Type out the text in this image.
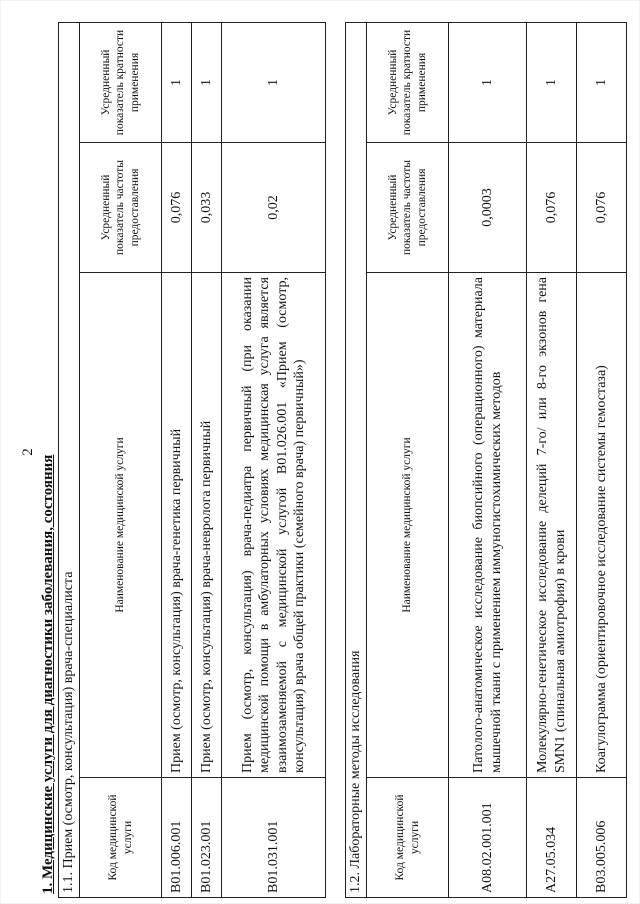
2
1. Медицинские услуги для диагностики заболевания, состояния 1.1. Прием (осмотр, консультация) врача-специалиста			
Код медицинской услуги	Наименование медицинской услуги	Усредненный показатель частоты предоставления	Усредненный показатель кратности применения
B01.006.001	Прием (осмотр, консультация) врача-генетика первичный	0,076	1
B01.023.001	Прием (осмотр, консультация) врача-невролога первичный	0,033	1
B01.031.001	Прием (осмотр, консультация) врача-педиатра первичный (при оказании медицинской помощи в амбулаторных условиях медицинская услуга является взаимозаменяемой с медицинской услугой B01.026.001 «Прием (осмотр, консультация) врача общей практики (семейного врача) первичный»)	0,02	1
1.2. Лабораторные методы исследования			
Код медицинской услуги	Наименование медицинской услуги	Усредненный показатель частоты предоставления	Усредненный показатель кратности применения
A08.02.001.001	Патолого-анатомическое исследование биопсийного (операционного) материала мышечной ткани с применением иммуногистохимических методов	0,0003	1
A27.05.034	Молекулярно-генетическое исследование делеций 7-го/ или 8-го экзонов гена SMN1 (спинальная амиотрофия) в крови	0,076	1
B03.005.006	Коагулограмма (ориентировочное исследование системы гемостаза)	0,076	1
